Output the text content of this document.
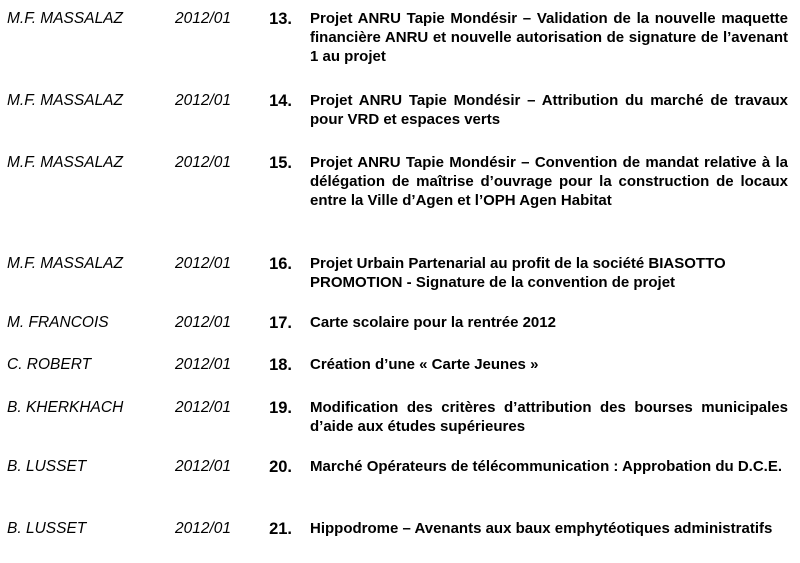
M.F. MASSALAZ	2012/01 13. Projet ANRU Tapie Mondésir – Validation de la nouvelle maquette financière ANRU et nouvelle autorisation de signature de l’avenant 1 au projet
M.F. MASSALAZ	2012/01 14. Projet ANRU Tapie Mondésir – Attribution du marché de travaux pour VRD et espaces verts
M.F. MASSALAZ	2012/01 15. Projet ANRU Tapie Mondésir – Convention de mandat relative à la délégation de maîtrise d’ouvrage pour la construction de locaux entre la Ville d’Agen et l’OPH Agen Habitat
M.F. MASSALAZ	2012/01 16. Projet Urbain Partenarial au profit de la société BIASOTTO PROMOTION - Signature de la convention de projet
M. FRANCOIS	2012/01 17. Carte scolaire pour la rentrée 2012
C. ROBERT	2012/01 18. Création d’une « Carte Jeunes »
B. KHERKHACH	2012/01 19. Modification des critères d’attribution des bourses municipales d’aide aux études supérieures
B. LUSSET	2012/01 20. Marché Opérateurs de télécommunication : Approbation du D.C.E.
B. LUSSET	2012/01 21. Hippodrome – Avenants aux baux emphytéotiques administratifs
